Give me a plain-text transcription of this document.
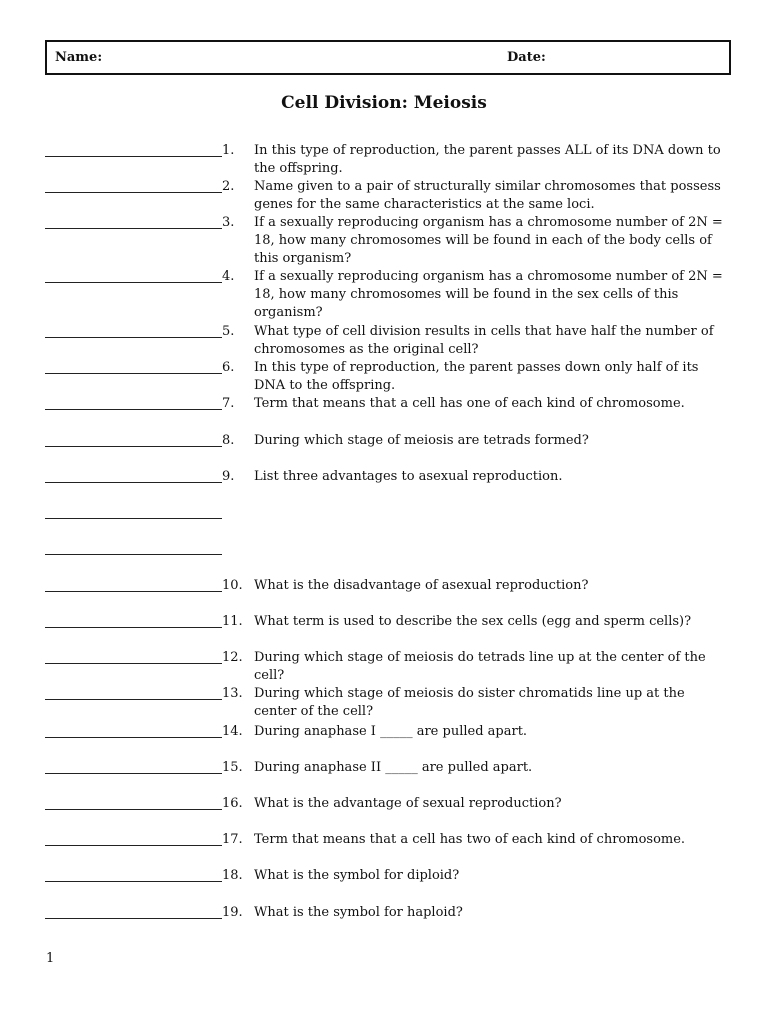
Name:	Date:
Cell Division: Meiosis
1. In this type of reproduction, the parent passes ALL of its DNA down to the offspring.
2. Name given to a pair of structurally similar chromosomes that possess genes for the same characteristics at the same loci.
3. If a sexually reproducing organism has a chromosome number of 2N = 18, how many chromosomes will be found in each of the body cells of this organism?
4. If a sexually reproducing organism has a chromosome number of 2N = 18, how many chromosomes will be found in the sex cells of this organism?
5. What type of cell division results in cells that have half the number of chromosomes as the original cell?
6. In this type of reproduction, the parent passes down only half of its DNA to the offspring.
7. Term that means that a cell has one of each kind of chromosome.
8. During which stage of meiosis are tetrads formed?
9. List three advantages to asexual reproduction.
10. What is the disadvantage of asexual reproduction?
11. What term is used to describe the sex cells (egg and sperm cells)?
12. During which stage of meiosis do tetrads line up at the center of the cell?
13. During which stage of meiosis do sister chromatids line up at the center of the cell?
14. During anaphase I _____ are pulled apart.
15. During anaphase II _____ are pulled apart.
16. What is the advantage of sexual reproduction?
17. Term that means that a cell has two of each kind of chromosome.
18. What is the symbol for diploid?
19. What is the symbol for haploid?
1
